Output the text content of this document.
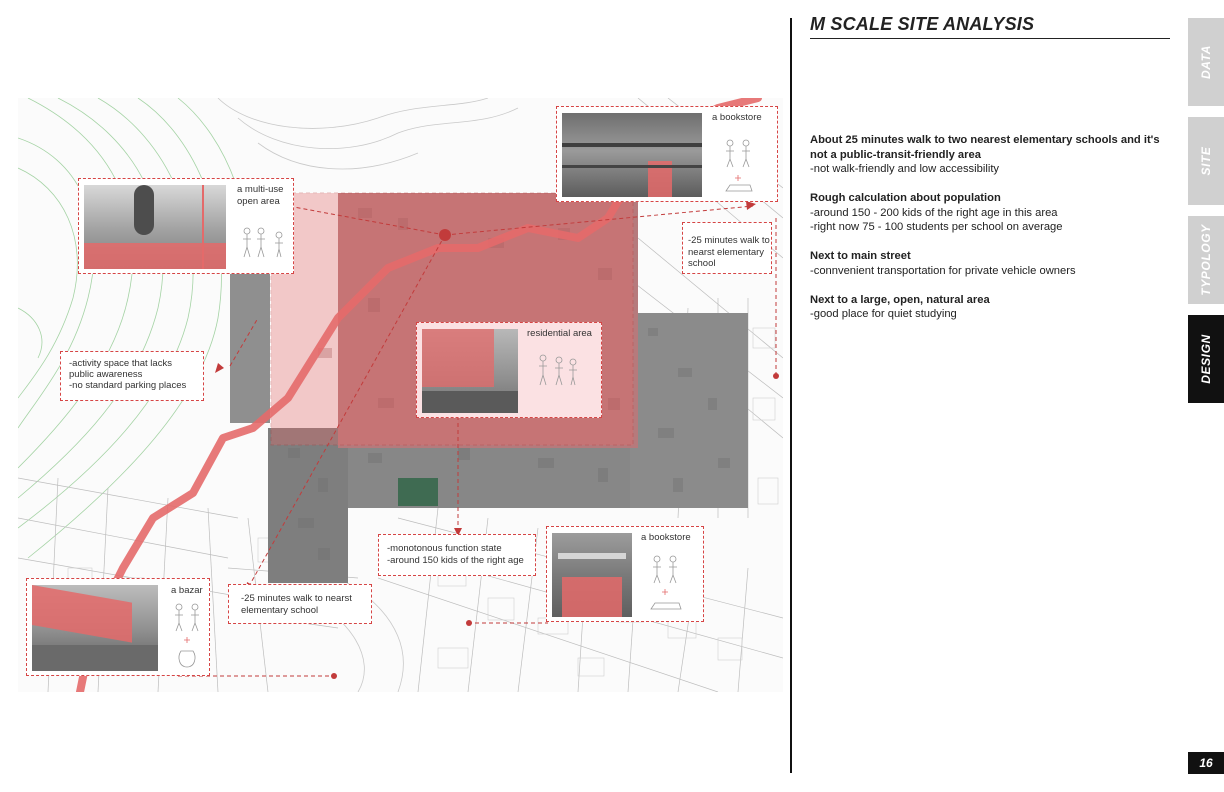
a bookstore
a multi-use open area
-25 minutes walk to nearst elementary school
residential area
-activity space that lacks
public awareness
-no standard parking places
-monotonous function state
-around 150 kids of the right age
a bookstore
a bazar
-25 minutes walk to nearst elementary school
M SCALE SITE ANALYSIS
About 25 minutes walk to two nearest elementary schools and it's not a public-transit-friendly area
-not walk-friendly and low accessibility
Rough calculation about population
-around 150 - 200 kids of the right age in this area
-right now 75 - 100 students per school on average
Next to main street
-connvenient transportation for private vehicle owners
Next to a large, open, natural area
-good place for quiet studying
DATA
SITE
TYPOLOGY
DESIGN
16
